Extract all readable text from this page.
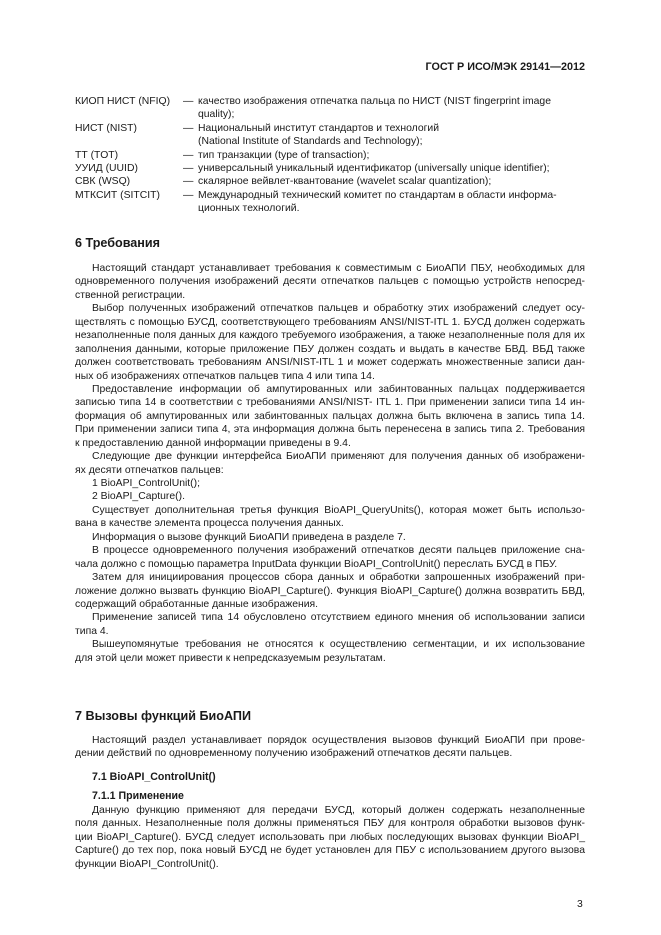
ГОСТ Р ИСО/МЭК 29141—2012
КИОП НИСТ (NFIQ)	— качество изображения отпечатка пальца по НИСТ (NIST fingerprint image
quality);
НИСТ (NIST)	— Национальный институт стандартов и технологий
(National Institute of Standards and Technology);
ТТ (TOT)	— тип транзакции (type of transaction);
УУИД (UUID)	— универсальный уникальный идентификатор (universally unique identifier);
СВК (WSQ)	— скалярное вейвлет-квантование (wavelet scalar quantization);
МТКСИТ (SITCIT)	— Международный технический комитет по стандартам в области информа-
ционных технологий.
6 Требования
Настоящий стандарт устанавливает требования к совместимым с БиоАПИ ПБУ, необходимых для
одновременного получения изображений десяти отпечатков пальцев с помощью устройств непосред-
ственной регистрации.
Выбор полученных изображений отпечатков пальцев и обработку этих изображений следует осу-
ществлять с помощью БУСД, соответствующего требованиям ANSI/NIST-ITL 1. БУСД должен содержать
незаполненные поля данных для каждого требуемого изображения, а также незаполненные поля для их
заполнения данными, которые приложение ПБУ должен создать и выдать в качестве БВД. ВБД также
должен соответствовать требованиям ANSI/NIST-ITL 1 и может содержать множественные записи дан-
ных об изображениях отпечатков пальцев типа 4 или типа 14.
Предоставление информации об ампутированных или забинтованных пальцах поддерживается
записью типа 14 в соответствии с требованиями ANSI/NIST- ITL 1. При применении записи типа 14 ин-
формация об ампутированных или забинтованных пальцах должна быть включена в запись типа 14.
При применении записи типа 4, эта информация должна быть перенесена в запись типа 2. Требования
к предоставлению данной информации приведены в 9.4.
Следующие две функции интерфейса БиоАПИ применяют для получения данных об изображени-
ях десяти отпечатков пальцев:
1 BioAPI_ControlUnit();
2 BioAPI_Capture().
Существует дополнительная третья функция BioAPI_QueryUnits(), которая может быть использо-
вана в качестве элемента процесса получения данных.
Информация о вызове функций БиоАПИ приведена в разделе 7.
В процессе одновременного получения изображений отпечатков десяти пальцев приложение сна-
чала должно с помощью параметра InputData функции BioAPI_ControlUnit() переслать БУСД в ПБУ.
Затем для инициирования процессов сбора данных и обработки запрошенных изображений при-
ложение должно вызвать функцию BioAPI_Capture(). Функция BioAPI_Capture() должна возвратить БВД,
содержащий обработанные данные изображения.
Применение записей типа 14 обусловлено отсутствием единого мнения об использовании записи
типа 4.
Вышеупомянутые требования не относятся к осуществлению сегментации, и их использование
для этой цели может привести к непредсказуемым результатам.
7 Вызовы функций БиоАПИ
Настоящий раздел устанавливает порядок осуществления вызовов функций БиоАПИ при прове-
дении действий по одновременному получению изображений отпечатков десяти пальцев.
7.1 BioAPI_ControlUnit()
7.1.1 Применение
Данную функцию применяют для передачи БУСД, который должен содержать незаполненные
поля данных. Незаполненные поля должны применяться ПБУ для контроля обработки вызовов функ-
ции BioAPI_Capture(). БУСД следует использовать при любых последующих вызовах функции BioAPI_
Capture() до тех пор, пока новый БУСД не будет установлен для ПБУ с использованием другого вызова
функции BioAPI_ControlUnit().
3
